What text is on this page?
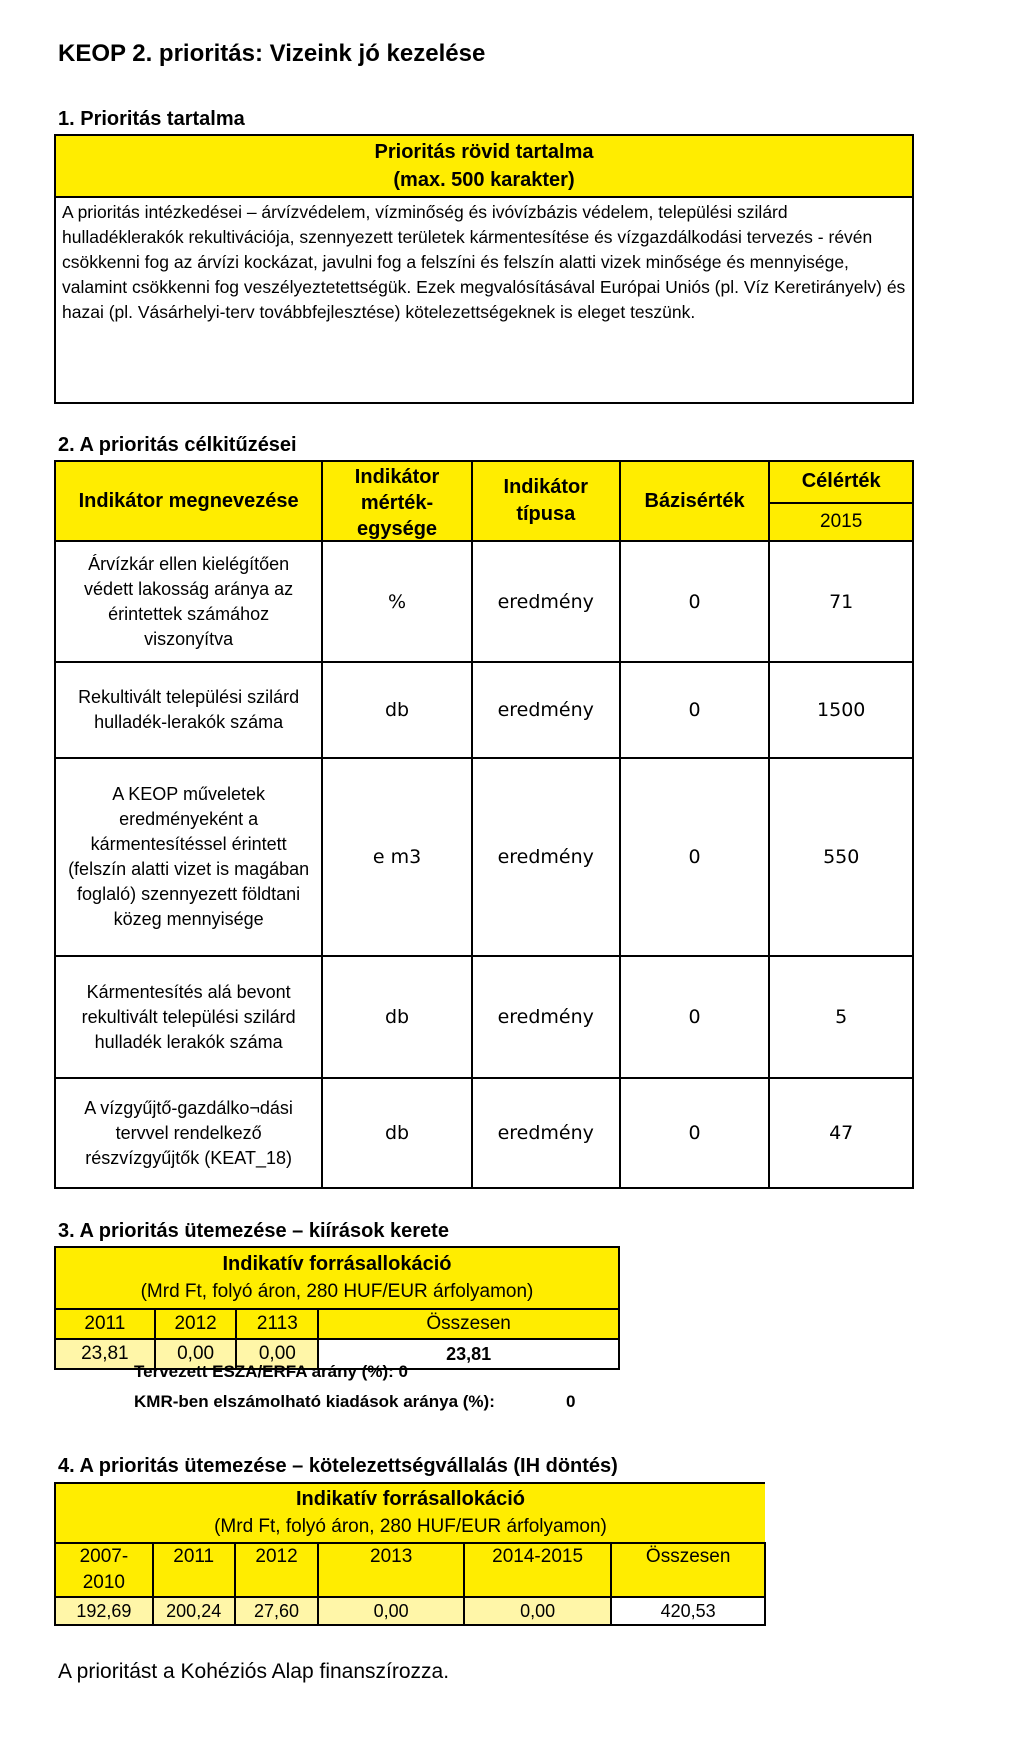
KEOP 2. prioritás: Vizeink jó kezelése
1. Prioritás tartalma
Prioritás rövid tartalma
(max. 500 karakter)

A prioritás intézkedései – árvízvédelem, vízminőség és ivóvízbázis védelem, települési szilárd hulladéklerakók rekultivációja, szennyezett területek kármentesítése és vízgazdálkodási tervezés - révén csökkenni fog az árvízi kockázat, javulni fog a felszíni és felszín alatti vizek minősége és mennyisége, valamint csökkenni fog veszélyeztetettségük. Ezek megvalósításával Európai Uniós (pl. Víz Keretirányelv) és hazai (pl. Vásárhelyi-terv továbbfejlesztése) kötelezettségeknek is eleget teszünk.
2. A prioritás célkitűzései
Indikátor megnevezése	Indikátor mérték-egysége	Indikátor típusa	Bázisérték	Célérték
				2015
Árvízkár ellen kielégítően védett lakosság aránya az érintettek számához viszonyítva	%	eredmény	0	71
Rekultivált települési szilárd hulladék-lerakók száma	db	eredmény	0	1500
A KEOP műveletek eredményeként a kármentesítéssel érintett (felszín alatti vizet is magában foglaló) szennyezett földtani közeg mennyisége	e m3	eredmény	0	550
Kármentesítés alá bevont rekultivált települési szilárd hulladék lerakók száma	db	eredmény	0	5
A vízgyűjtő-gazdálko¬dási tervvel rendelkező részvízgyűjtők (KEAT_18)	db	eredmény	0	47
3. A prioritás ütemezése – kiírások kerete
Indikatív forrásallokáció
(Mrd Ft, folyó áron, 280 HUF/EUR árfolyamon)			

2011	2012	2113	Összesen
23,81	0,00	0,00	23,81
Tervezett ESZA/ERFA arány (%): 0
KMR-ben elszámolható kiadások aránya (%):	0
4. A prioritás ütemezése – kötelezettségvállalás (IH döntés)
Indikatív forrásallokáció
(Mrd Ft, folyó áron, 280 HUF/EUR árfolyamon)					

2007-
2010	2011	2012	2013	2014-2015	Összesen
192,69	200,24	27,60	0,00	0,00	420,53
A prioritást a Kohéziós Alap finanszírozza.
